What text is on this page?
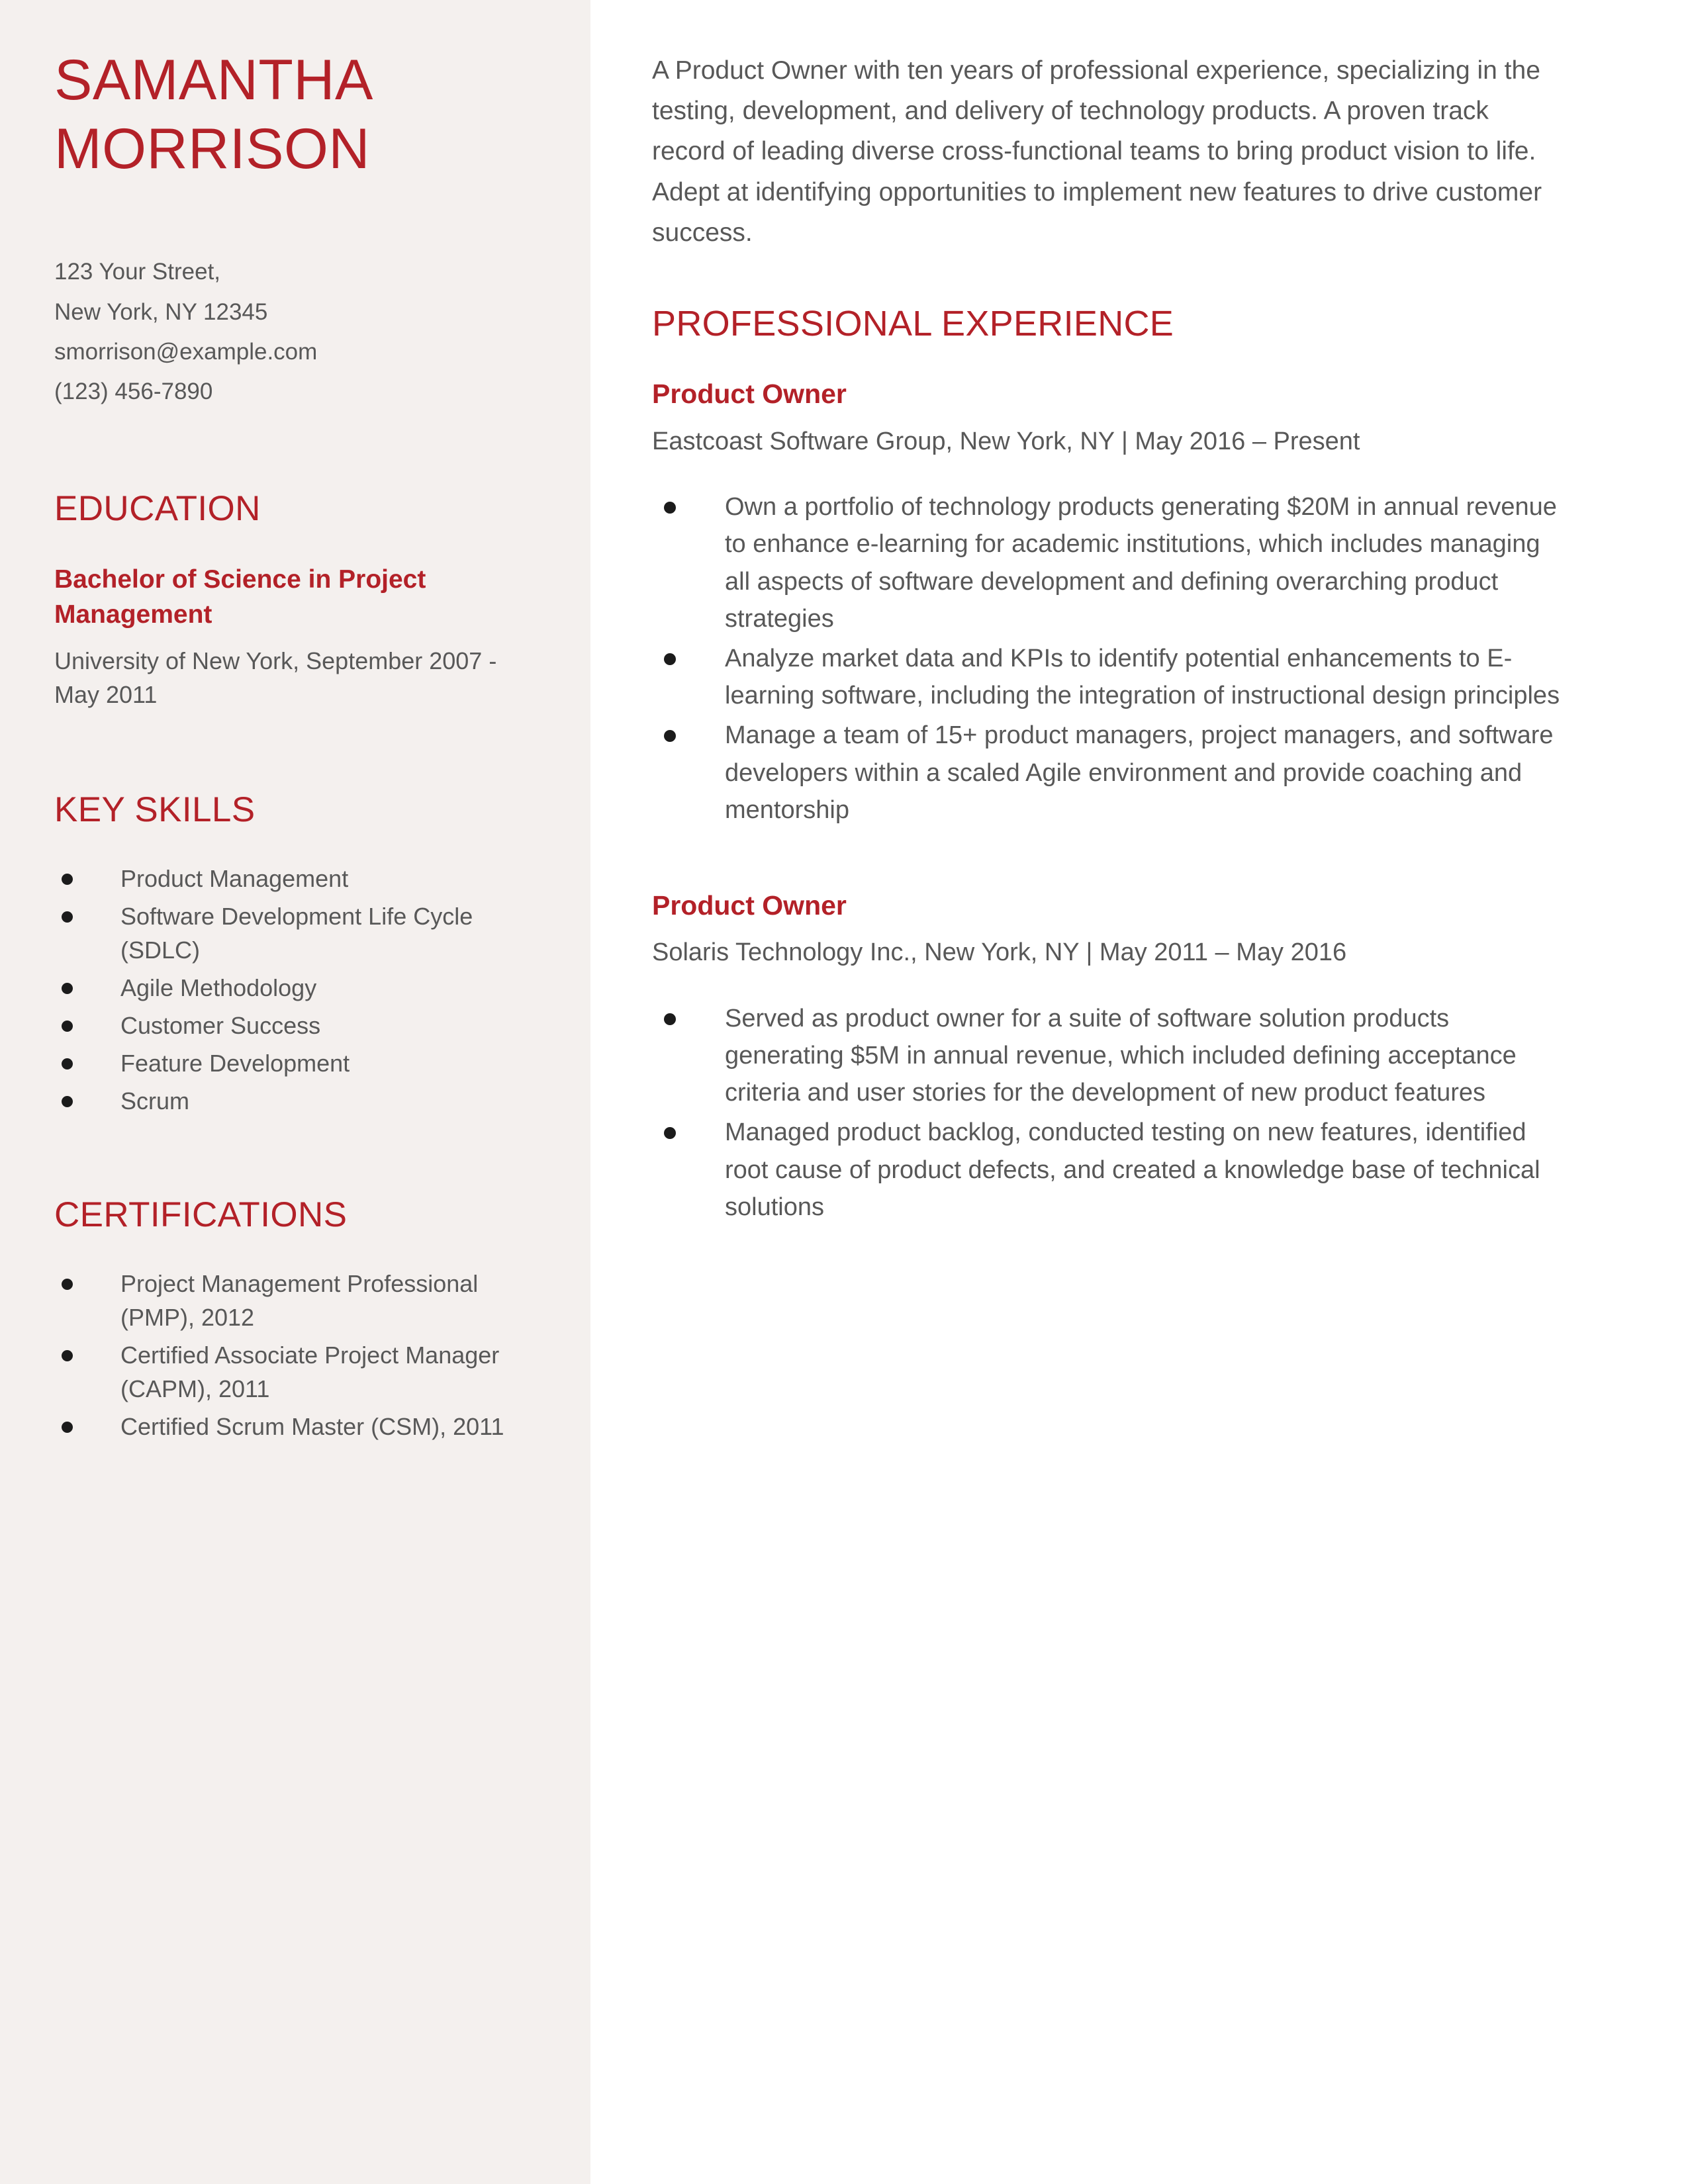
SAMANTHA
MORRISON
123 Your Street,
New York, NY 12345
smorrison@example.com
(123) 456-7890
EDUCATION
Bachelor of Science in Project Management
University of New York, September 2007 - May 2011
KEY SKILLS
Product Management
Software Development Life Cycle (SDLC)
Agile Methodology
Customer Success
Feature Development
Scrum
CERTIFICATIONS
Project Management Professional (PMP), 2012
Certified Associate Project Manager (CAPM), 2011
Certified Scrum Master (CSM), 2011

A Product Owner with ten years of professional experience, specializing in the testing, development, and delivery of technology products. A proven track record of leading diverse cross-functional teams to bring product vision to life. Adept at identifying opportunities to implement new features to drive customer success.

PROFESSIONAL EXPERIENCE
Product Owner
Eastcoast Software Group, New York, NY | May 2016 – Present
Own a portfolio of technology products generating $20M in annual revenue to enhance e-learning for academic institutions, which includes managing all aspects of software development and defining overarching product strategies
Analyze market data and KPIs to identify potential enhancements to E-learning software, including the integration of instructional design principles
Manage a team of 15+ product managers, project managers, and software developers within a scaled Agile environment and provide coaching and mentorship
Product Owner
Solaris Technology Inc., New York, NY | May 2011 – May 2016
Served as product owner for a suite of software solution products generating $5M in annual revenue, which included defining acceptance criteria and user stories for the development of new product features
Managed product backlog, conducted testing on new features, identified root cause of product defects, and created a knowledge base of technical solutions
